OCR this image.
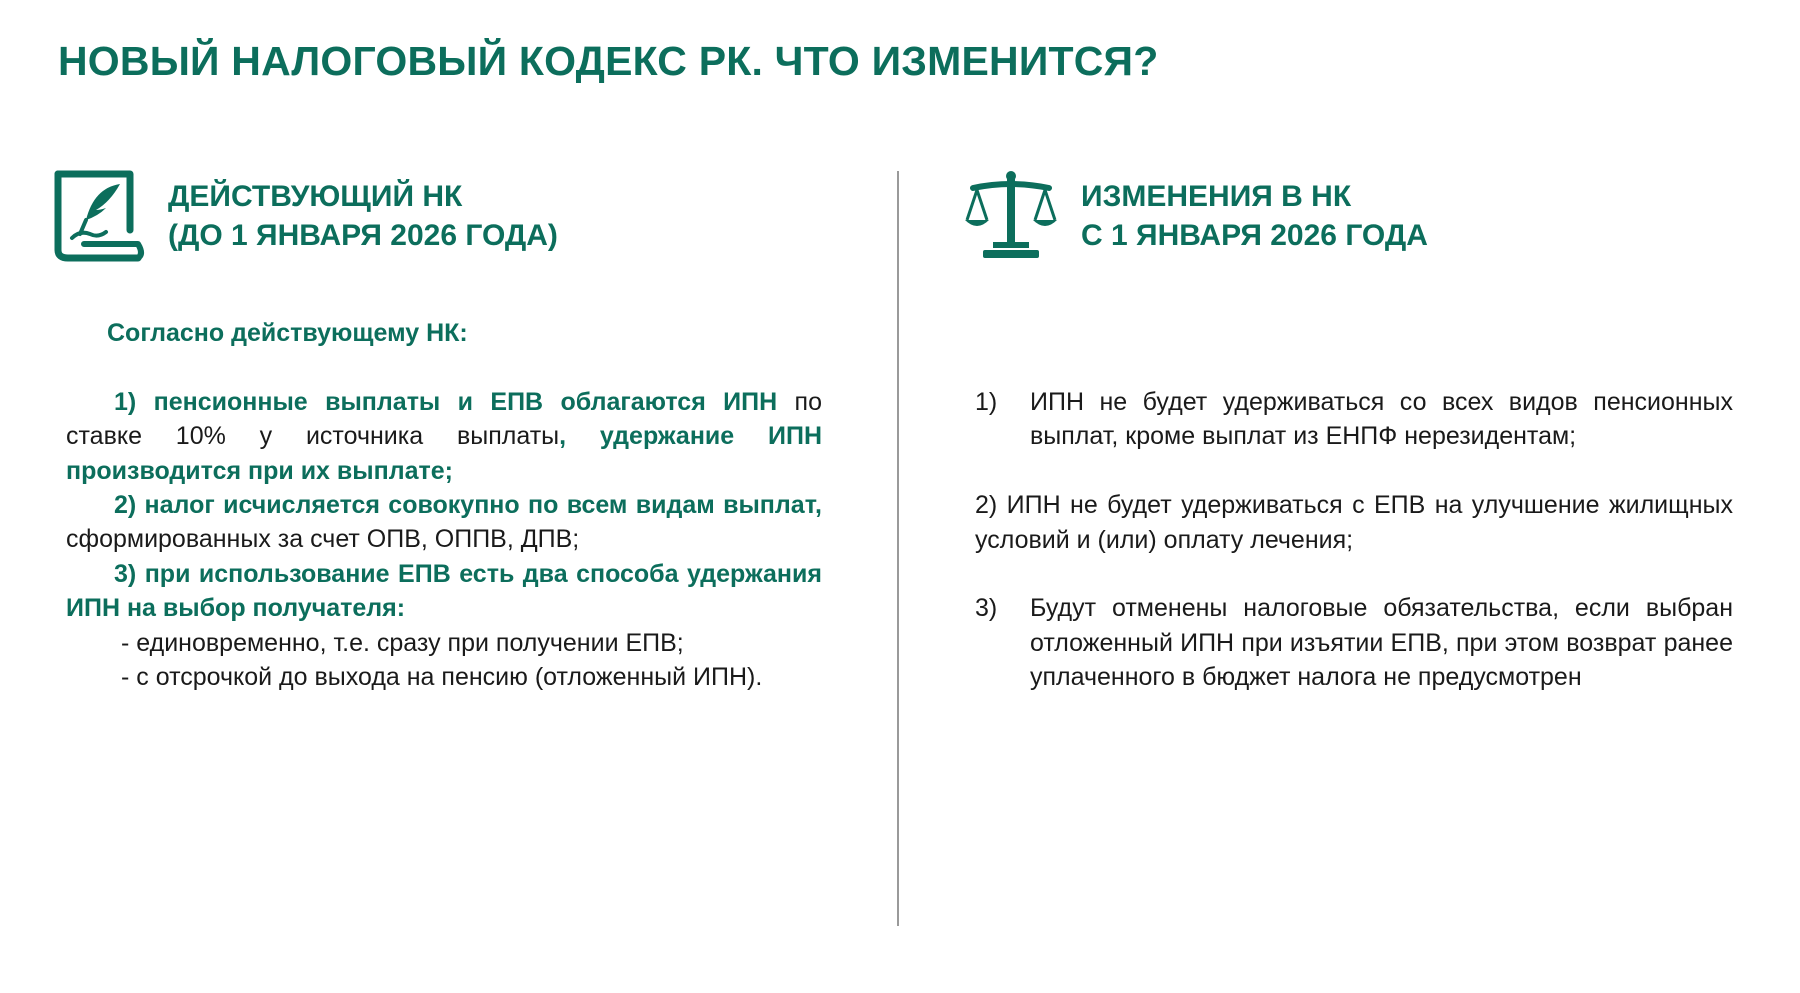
НОВЫЙ НАЛОГОВЫЙ КОДЕКС РК. ЧТО ИЗМЕНИТСЯ?
ДЕЙСТВУЮЩИЙ НК
(ДО 1 ЯНВАРЯ 2026 ГОДА)

Согласно действующему НК:

1) пенсионные выплаты и ЕПВ облагаются ИПН по ставке 10% у источника выплаты, удержание ИПН производится при их выплате;

2) налог исчисляется совокупно по всем видам выплат, сформированных за счет ОПВ, ОППВ, ДПВ;

3) при использование ЕПВ есть два способа удержания ИПН на выбор получателя:

- единовременно, т.е. сразу при получении ЕПВ;

- с отсрочкой до выхода на пенсию (отложенный ИПН).

ИЗМЕНЕНИЯ В НК
С 1 ЯНВАРЯ 2026 ГОДА
1)	ИПН не будет удерживаться со всех видов пенсионных выплат, кроме выплат из ЕНПФ нерезидентам;

2) ИПН не будет удерживаться с ЕПВ на улучшение жилищных условий и (или) оплату лечения;

3)	Будут отменены налоговые обязательства, если выбран отложенный ИПН при изъятии ЕПВ, при этом возврат ранее уплаченного в бюджет налога не предусмотрен
